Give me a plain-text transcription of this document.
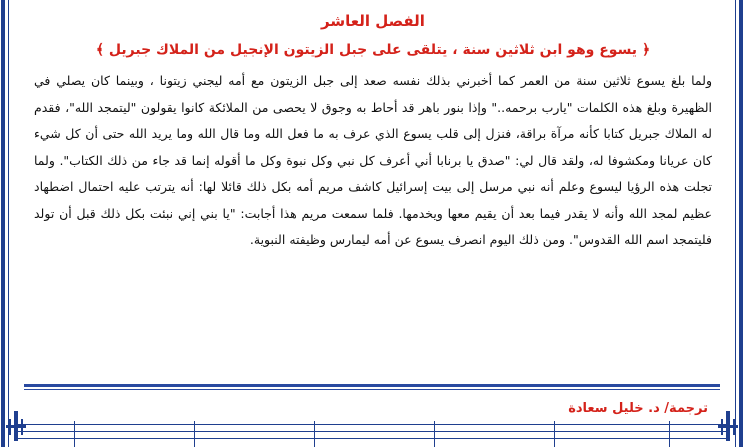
الفصل العاشر
﴿ يسوع وهو ابن ثلاثين سنة ، يتلقى على جبل الزيتون الإنجيل من الملاك جبريل ﴾
ولما بلغ يسوع ثلاثين سنة من العمر كما أخبرني بذلك نفسه صعد إلى جبل الزيتون مع أمه ليجني زيتونا ، وبينما كان يصلي في الظهيرة وبلغ هذه الكلمات "يارب برحمه.." وإذا بنور باهر قد أحاط به وجوق لا يحصى من الملائكة كانوا يقولون "ليتمجد الله"، فقدم له الملاك جبريل كتابا كأنه مرآة براقة، فنزل إلى قلب يسوع الذي عرف به ما فعل الله وما قال الله وما يريد الله حتى أن كل شيء كان عريانا ومكشوفا له، ولقد قال لي: "صدق يا برنابا أني أعرف كل نبي وكل نبوة وكل ما أقوله إنما قد جاء من ذلك الكتاب". ولما تجلت هذه الرؤيا ليسوع وعلم أنه نبي مرسل إلى بيت إسرائيل كاشف مريم أمه بكل ذلك قائلا لها: أنه يترتب عليه احتمال اضطهاد عظيم لمجد الله وأنه لا يقدر فيما بعد أن يقيم معها ويخدمها. فلما سمعت مريم هذا أجابت: "يا بني إني نبئت بكل ذلك قبل أن تولد فليتمجد اسم الله القدوس". ومن ذلك اليوم انصرف يسوع عن أمه ليمارس وظيفته النبوية.
ترجمة/ د. خليل سعادة
